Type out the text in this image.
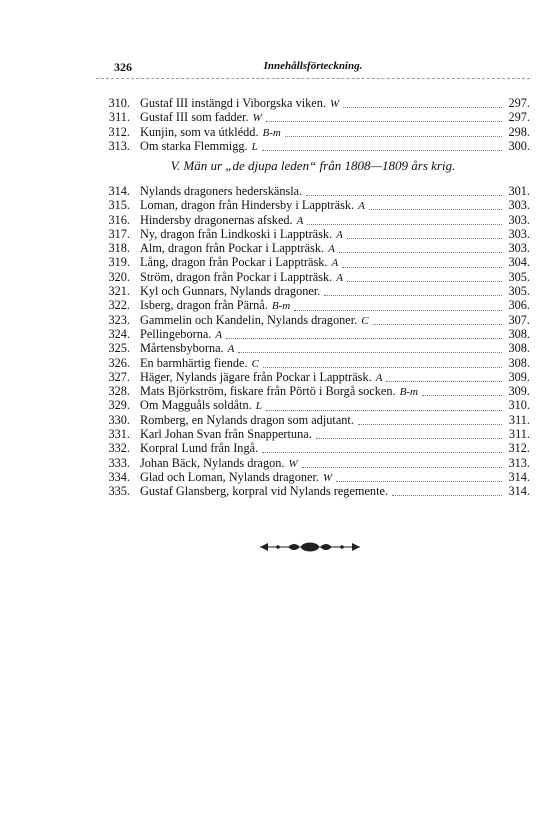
326	Innehållsförteckning.
310. Gustaf III instängd i Viborgska viken. W	297.
311. Gustaf III som fadder. W	297.
312. Kunjin, som va útklédd. B-m	298.
313. Om starka Flemmigg. L	300.
V. Män ur „de djupa leden“ från 1808—1809 års krig.
314. Nylands dragoners hederskänsla.	301.
315. Loman, dragon från Hindersby i Lappträsk. A	303.
316. Hindersby dragonernas afsked. A	303.
317. Ny, dragon från Lindkoski i Lappträsk. A	303.
318. Alm, dragon från Pockar i Lappträsk. A	303.
319. Lång, dragon från Pockar i Lappträsk. A	304.
320. Ström, dragon från Pockar i Lappträsk. A	305.
321. Kyl och Gunnars, Nylands dragoner.	305.
322. Isberg, dragon från Pärnå. B-m	306.
323. Gammelin och Kandelin, Nylands dragoner. C	307.
324. Pellingeborna. A	308.
325. Mårtensbyborna. A	308.
326. En barmhärtig fiende. C	308.
327. Häger, Nylands jägare från Pockar i Lappträsk. A	309.
328. Mats Björkström, fiskare från Pörtö i Borgå socken. B-m	309.
329. Om Magguåls soldåtn. L	310.
330. Romberg, en Nylands dragon som adjutant.	311.
331. Karl Johan Svan från Snappertuna.	311.
332. Korpral Lund från Ingå.	312.
333. Johan Bäck, Nylands dragon. W	313.
334. Glad och Loman, Nylands dragoner. W	314.
335. Gustaf Glansberg, korpral vid Nylands regemente.	314.
